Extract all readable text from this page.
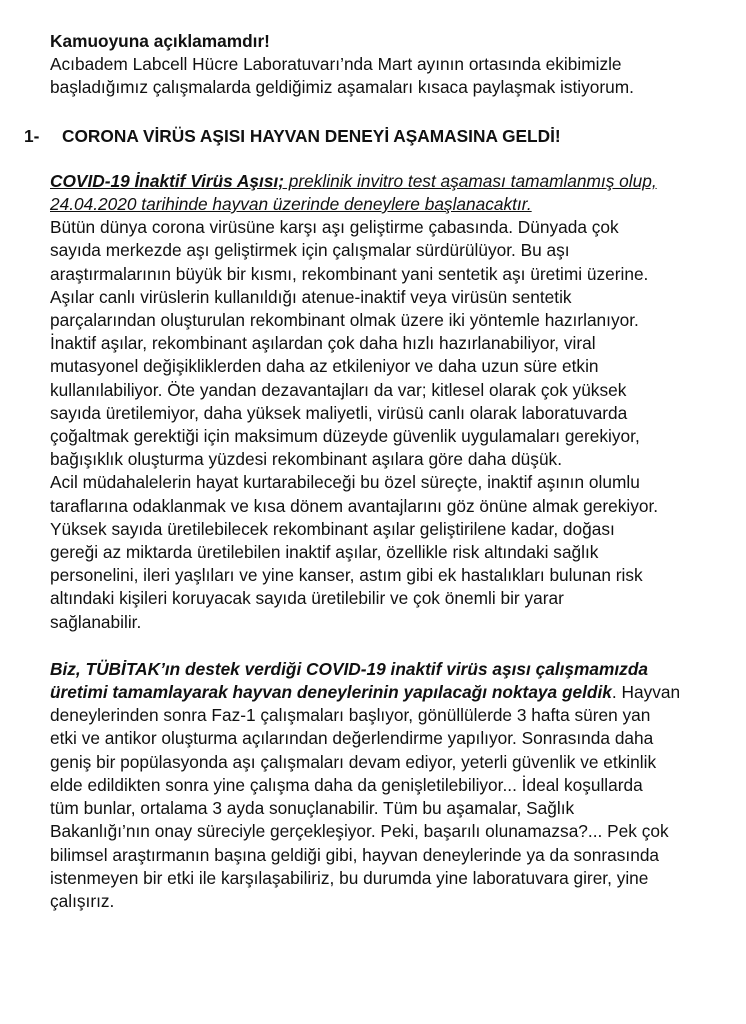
Kamuoyuna açıklamamdır!
Acıbadem Labcell Hücre Laboratuvarı’nda Mart ayının ortasında ekibimizle
başladığımız çalışmalarda geldiğimiz aşamaları kısaca paylaşmak istiyorum.
1-	CORONA VİRÜS AŞISI HAYVAN DENEYİ AŞAMASINA GELDİ!
COVID-19 İnaktif Virüs Aşısı; preklinik invitro test aşaması tamamlanmış olup,
24.04.2020 tarihinde hayvan üzerinde deneylere başlanacaktır.
Bütün dünya corona virüsüne karşı aşı geliştirme çabasında. Dünyada çok
sayıda merkezde aşı geliştirmek için çalışmalar sürdürülüyor. Bu aşı
araştırmalarının büyük bir kısmı, rekombinant yani sentetik aşı üretimi üzerine.
Aşılar canlı virüslerin kullanıldığı atenue-inaktif veya virüsün sentetik
parçalarından oluşturulan rekombinant olmak üzere iki yöntemle hazırlanıyor.
İnaktif aşılar, rekombinant aşılardan çok daha hızlı hazırlanabiliyor, viral
mutasyonel değişikliklerden daha az etkileniyor ve daha uzun süre etkin
kullanılabiliyor. Öte yandan dezavantajları da var; kitlesel olarak çok yüksek
sayıda üretilemiyor, daha yüksek maliyetli, virüsü canlı olarak laboratuvarda
çoğaltmak gerektiği için maksimum düzeyde güvenlik uygulamaları gerekiyor,
bağışıklık oluşturma yüzdesi rekombinant aşılara göre daha düşük.
Acil müdahalelerin hayat kurtarabileceği bu özel süreçte, inaktif aşının olumlu
taraflarına odaklanmak ve kısa dönem avantajlarını göz önüne almak gerekiyor.
Yüksek sayıda üretilebilecek rekombinant aşılar geliştirilene kadar, doğası
gereği az miktarda üretilebilen inaktif aşılar, özellikle risk altındaki sağlık
personelini, ileri yaşlıları ve yine kanser, astım gibi ek hastalıkları bulunan risk
altındaki kişileri koruyacak sayıda üretilebilir ve çok önemli bir yarar
sağlanabilir.
Biz, TÜBİTAK’ın destek verdiği COVID-19 inaktif virüs aşısı çalışmamızda
üretimi tamamlayarak hayvan deneylerinin yapılacağı noktaya geldik. Hayvan
deneylerinden sonra Faz-1 çalışmaları başlıyor, gönüllülerde 3 hafta süren yan
etki ve antikor oluşturma açılarından değerlendirme yapılıyor. Sonrasında daha
geniş bir popülasyonda aşı çalışmaları devam ediyor, yeterli güvenlik ve etkinlik
elde edildikten sonra yine çalışma daha da genişletilebiliyor... İdeal koşullarda
tüm bunlar, ortalama 3 ayda sonuçlanabilir. Tüm bu aşamalar, Sağlık
Bakanlığı’nın onay süreciyle gerçekleşiyor. Peki, başarılı olunamazsa?... Pek çok
bilimsel araştırmanın başına geldiği gibi, hayvan deneylerinde ya da sonrasında
istenmeyen bir etki ile karşılaşabiliriz, bu durumda yine laboratuvara girer, yine
çalışırız.
